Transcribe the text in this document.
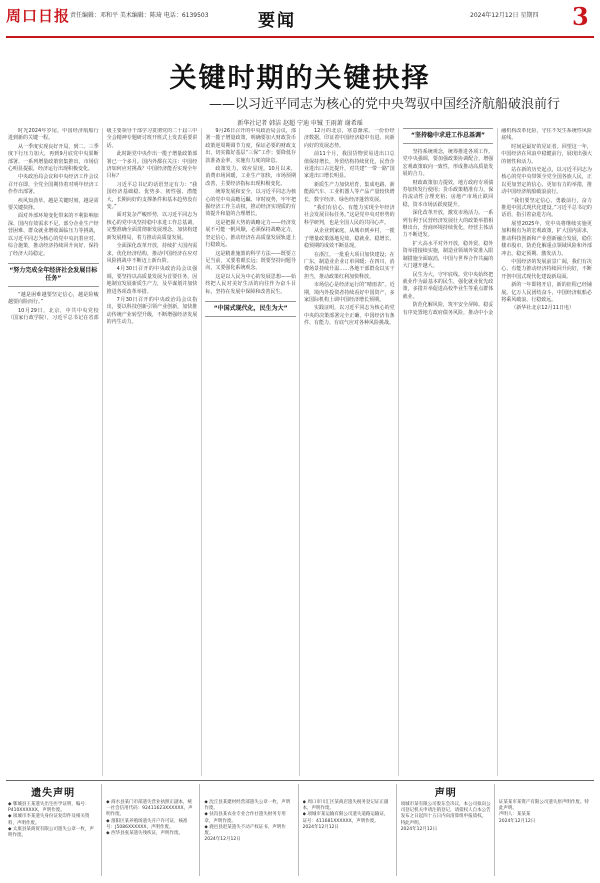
周口日报 责任编辑：邓和平 美术编辑：陈琦 电话：6139503	要闻	2024年12月12日 星期四 3
关键时期的关键抉择
——以习近平同志为核心的党中央驾驭中国经济航船破浪前行
新华社记者 韩洁 赵超 宁迪 申铖 王雨萧 谢希瑶

时光2024年岁尾，中国经济航船行进到新的关键一程。

从一季度实现良好开局，到二、三季度下行压力加大，再到9月底党中央果断部署，一系列增量政策密集推出，市场信心明显提振，经济运行出现积极变化。

中央政治局会议和中央经济工作会议召开在即，全党全国期待着对明年经济工作作出部署。

疾风知劲草。越是关键时刻，越是需要关键抉择。

面对外部环境变化带来的不利影响加深、国内有效需求不足、部分企业生产经营困难、群众就业增收面临压力等挑战，以习近平同志为核心的党中央沉着应对、综合施策，推动经济持续回升向好，保持了经济大局稳定。

“努力完成全年经济社会发展目标任务”

“越是困难越要坚定信心，越是险峻越要向险而行。”

10月29日，北京，中共中央党校（国家行政学院），习近平总书记在省部级主要领导干部学习贯彻党的二十届三中全会精神专题研讨班开班式上发表重要讲话。

此时距党中央作出一揽子增量政策部署已一个多月。国内外都在关注：中国经济如何应对挑战？中国经济能否实现全年目标？

习近平总书记的话语坚定有力：“我国经济基础稳、优势多、韧性强、潜能大，长期向好的支撑条件和基本趋势没有变。”

面对复杂严峻形势，以习近平同志为核心的党中央坚持稳中求进工作总基调，完整准确全面贯彻新发展理念，加快构建新发展格局，着力推动高质量发展。

全面深化改革开放，持续扩大国内需求，优化经济结构，推动中国经济在应对风险挑战中不断迈上新台阶。

4月30日召开的中央政治局会议强调，要坚持以高质量发展为首要任务，因地制宜发展新质生产力，及早谋划并加快推进各项改革举措。

7月30日召开的中央政治局会议指出，要以科技创新引领产业创新，加快推动传统产业转型升级，不断增强经济发展的内生动力。

9月26日召开的中央政治局会议，部署一揽子增量政策，明确要加大财政货币政策逆周期调节力度，保证必要的财政支出，切实做好基层“三保”工作；要降低存款准备金率，实施有力度的降息。

政策发力，效应显现。10月以来，消费市场回暖，工业生产加快，市场预期改善，主要经济指标出现积极变化。

统筹发展和安全，以习近平同志为核心的党中央高瞻远瞩、审时度势，牢牢把握经济工作主动权，推动经济实现质的有效提升和量的合理增长。

这是把握大势的战略定力——经济发展不可能一帆风顺，必须保持战略定力，坚定信心，推动经济在高质量发展轨道上行稳致远。

这是精准施策的科学方法——既要立足当前，又要着眼长远；既要坚持问题导向，又要强化系统观念。

这是以人民为中心的发展思想——始终把人民对美好生活的向往作为奋斗目标，坚持在发展中保障和改善民生。

“中国式现代化，民生为大”

12月的北京，寒意渐浓。一份份经济数据，印证着中国经济稳中有进、向新向好的发展态势。

前11个月，我国货物贸易进出口总值保持增长，外贸结构持续优化，民营企业进出口占比提升，对共建“一带一路”国家进出口增长明显。

新质生产力加快培育，集成电路、新能源汽车、工业机器人等产品产量较快增长，数字经济、绿色经济蓬勃发展。

“我们有信心、有能力实现全年经济社会发展目标任务。”这是党中央对形势的科学研判，也是全国人民的共同心声。

从企业到家庭，从城市到乡村，一揽子增量政策落地见效，稳就业、稳增长、稳预期的成效不断显现。

在浙江，一批重大项目加快建设；在广东，制造业企业订单回暖；在四川，消费场景持续升温……各地干部群众以实干担当，推动政策红利加快释放。

市场信心是经济运行的“晴雨表”。近期，境内外投资者持续看好中国资产，多家国际机构上调中国经济增长预期。

实践证明，以习近平同志为核心的党中央的决策部署完全正确，中国经济有条件、有能力、有底气应对各种风险挑战。

“坚持稳中求进工作总基调”

坚持系统观念，统筹推进各项工作。党中央强调，要加强政策协调配合，增强宏观政策取向一致性，形成推动高质量发展的合力。

财政政策加力提效，地方政府专项债券加快发行使用；货币政策精准有力，保持流动性合理充裕；房地产市场止跌回稳，资本市场活跃度提升。

深化改革开放，激发市场活力。一系列有利于民营经济发展壮大的政策举措相继出台，营商环境持续优化，经营主体活力不断迸发。

扩大高水平对外开放，稳外贸、稳外资举措接续实施，制造业领域外资准入限制措施全面取消，中国与世界合作共赢的大门越开越大。

民生为大，守牢底线。党中央始终把就业作为最基本的民生，强化就业优先政策，多措并举促进高校毕业生等重点群体就业。

防范化解风险，筑牢安全屏障。稳妥有序处置地方政府债务风险，推动中小金融机构改革化险，守住不发生系统性风险底线。

时间是最好的见证者。回望这一年，中国经济在风浪中稳健前行，展现出强大的韧性和活力。

站在新的历史起点，以习近平同志为核心的党中央带领全党全国各族人民，正以更加坚定的信心、更加有力的举措，推动中国经济航船破浪前行。

“我们要坚定信心、勇毅前行，奋力推进中国式现代化建设。”习近平总书记的话语，指引着奋进方向。

展望2025年，党中央将继续实施更加积极有为的宏观政策，扩大国内需求，推动科技创新和产业创新融合发展，稳住楼市股市，防范化解重点领域风险和外部冲击，稳定预期、激发活力。

中国经济的发展前景广阔，我们有决心、有能力推动经济持续回升向好，不断开创中国式现代化建设新局面。

新的一年即将开启，新的征程已经铺展。亿万人民团结奋斗，中国经济航船必将乘风破浪、行稳致远。

（新华社北京12月11日电）

遗失声明
◆ 郸城县王某遗失出生医学证明，编号：P410XXXXXX，声明作废。
◆ 项城市李某遗失身份证复印件及相关资料，声明作废。
◆ 太康县某商贸有限公司遗失公章一枚，声明作废。
◆ 商水县某门市部遗失营业执照正副本，统一社会信用代码：92411623XXXXXX，声明作废。
◆ 淮阳区某养殖场遗失开户许可证，核准号：J5086XXXXXX，声明作废。
◆ 西华县张某遗失残疾证，声明作废。
◆ 沈丘县某建材经营部遗失公章一枚，声明作废。
◆ 扶沟县某农业专业合作社遗失财务专用章，声明作废。
◆ 鹿邑县赵某遗失不动产权证书，声明作废。
2024年12月12日
◆ 周口市川汇区某商店遗失税务登记证正副本，声明作废。
◆ 项城市某运输有限公司遗失道路运输证，证号：411681XXXXXX，声明作废。
2024年12月12日
声明
项城市某有限公司股东会决议，本公司拟向公司登记机关申请注销登记，请债权人自本公告发布之日起四十五日内向清算组申报债权。
特此声明。
2024年12月12日
证某某市某资产有限公司遗失原声明作废。特此声明。
声明人：某某某
2024年12月12日
